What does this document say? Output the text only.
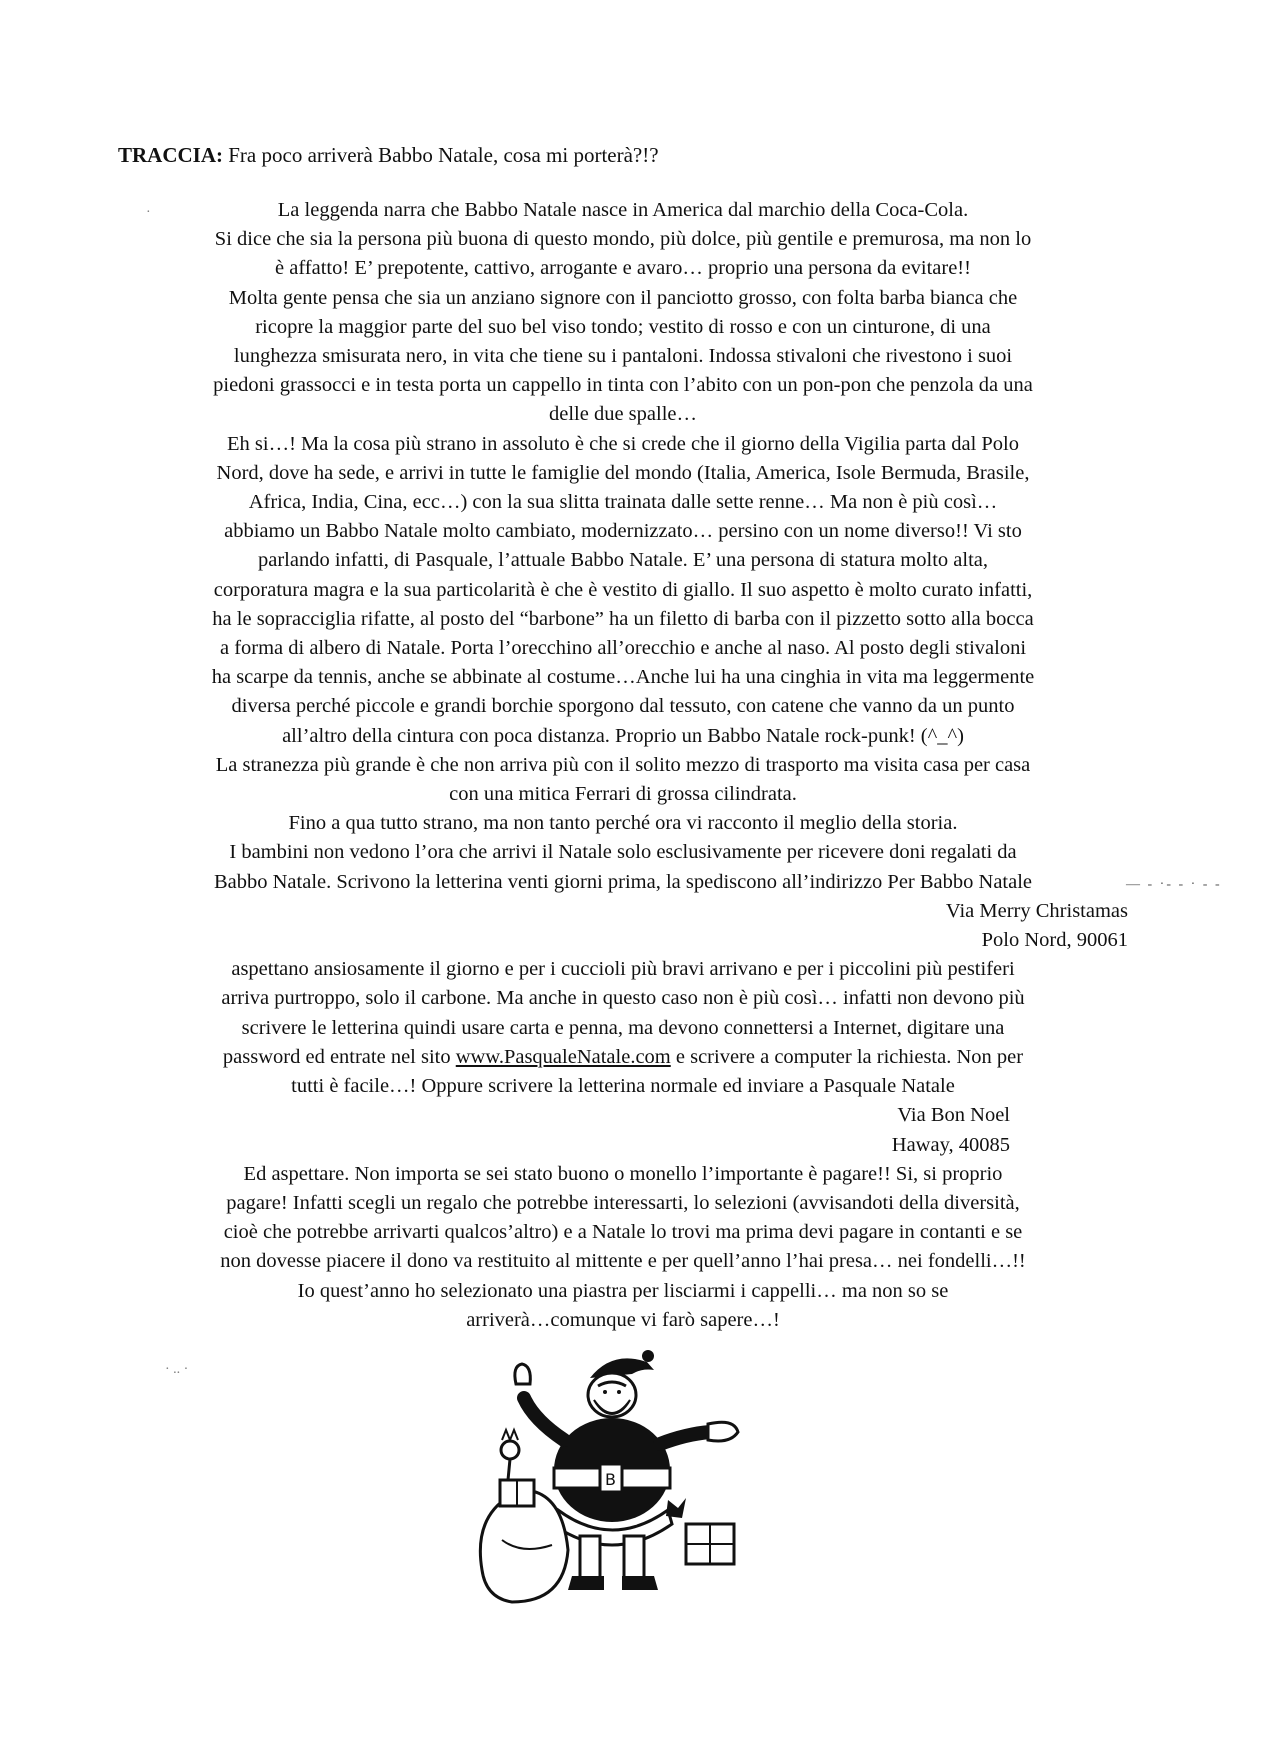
TRACCIA: Fra poco arriverà Babbo Natale, cosa mi porterà?!?

La leggenda narra che Babbo Natale nasce in America dal marchio della Coca-Cola.

Si dice che sia la persona più buona di questo mondo, più dolce, più gentile e premurosa, ma non lo

è affatto! E’ prepotente, cattivo, arrogante e avaro… proprio una persona da evitare!!

Molta gente pensa che sia un anziano signore con il panciotto grosso, con folta barba bianca che

ricopre la maggior parte del suo bel viso tondo; vestito di rosso e con un cinturone, di una

lunghezza smisurata nero, in vita che tiene su i pantaloni. Indossa stivaloni che rivestono i suoi

piedoni grassocci e in testa porta un cappello in tinta con l’abito con un pon-pon che penzola da una

delle due spalle…

Eh si…! Ma la cosa più strano in assoluto è che si crede che il giorno della Vigilia parta dal Polo

Nord, dove ha sede, e arrivi in tutte le famiglie del mondo (Italia, America, Isole Bermuda, Brasile,

Africa, India, Cina, ecc…) con la sua slitta trainata dalle sette renne… Ma non è più così…

abbiamo un Babbo Natale molto cambiato, modernizzato… persino con un nome diverso!! Vi sto

parlando infatti, di Pasquale, l’attuale Babbo Natale. E’ una persona di statura molto alta,

corporatura magra e la sua particolarità è che è vestito di giallo. Il suo aspetto è molto curato infatti,

ha le sopracciglia rifatte, al posto del “barbone” ha un filetto di barba con il pizzetto sotto alla bocca

a forma di albero di Natale. Porta l’orecchino all’orecchio e anche al naso. Al posto degli stivaloni

ha scarpe da tennis, anche se abbinate al costume…Anche lui ha una cinghia in vita ma leggermente

diversa perché piccole e grandi borchie sporgono dal tessuto, con catene che vanno da un punto

all’altro della cintura con poca distanza. Proprio un Babbo Natale rock-punk! (^_^)

La stranezza più grande è che non arriva più con il solito mezzo di trasporto ma visita casa per casa

con una mitica Ferrari di grossa cilindrata.

Fino a qua tutto strano, ma non tanto perché ora vi racconto il meglio della storia.

I bambini non vedono l’ora che arrivi il Natale solo esclusivamente per ricevere doni regalati da

Babbo Natale. Scrivono la letterina venti giorni prima, la spediscono all’indirizzo Per Babbo Natale

Via Merry Christamas

Polo Nord, 90061

aspettano ansiosamente il giorno e per i cuccioli più bravi arrivano e per i piccolini più pestiferi

arriva purtroppo, solo il carbone. Ma anche in questo caso non è più così… infatti non devono più

scrivere le letterina quindi usare carta e penna, ma devono connettersi a Internet, digitare una

password ed entrate nel sito www.PasqualeNatale.com e scrivere a computer la richiesta. Non per

tutti è facile…! Oppure scrivere la letterina normale ed inviare a Pasquale Natale

Via Bon Noel

Haway, 40085

Ed aspettare. Non importa se sei stato buono o monello l’importante è pagare!! Si, si proprio

pagare! Infatti scegli un regalo che potrebbe interessarti, lo selezioni (avvisandoti della diversità,

cioè che potrebbe arrivarti qualcos’altro) e a Natale lo trovi ma prima devi pagare in contanti e se

non dovesse piacere il dono va restituito al mittente e per quell’anno l’hai presa… nei fondelli…!!

Io quest’anno ho selezionato una piastra per lisciarmi i cappelli… ma non so se

arriverà…comunque vi farò sapere…!

— - ·- - · - -
·
· .. ·
B
